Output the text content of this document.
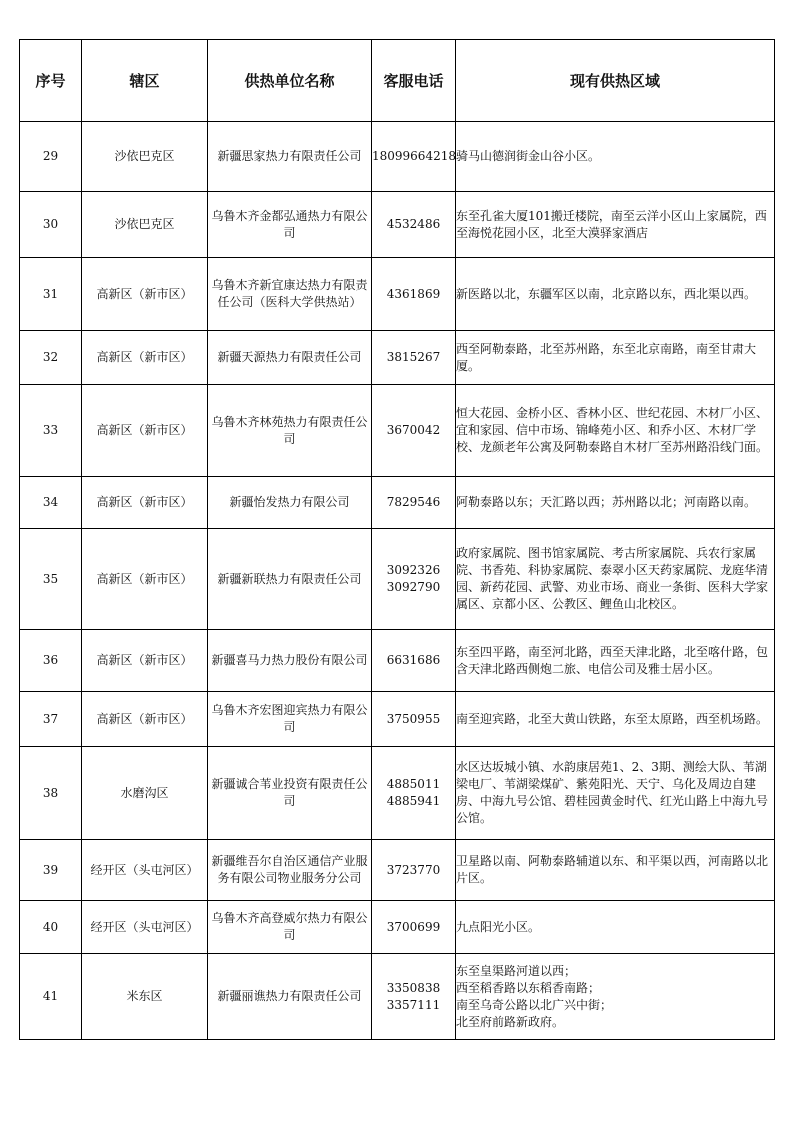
序号	辖区	供热单位名称	客服电话	现有供热区域
29	沙依巴克区	新疆思家热力有限责任公司	18099664218	骑马山德润街金山谷小区。

30	沙依巴克区	乌鲁木齐金都弘通热力有限公司	4532486	东至孔雀大厦101搬迁楼院，南至云洋小区山上家属院，西至海悦花园小区，北至大漠驿家酒店

31	高新区（新市区）	乌鲁木齐新宜康达热力有限责任公司（医科大学供热站）	4361869	新医路以北，东疆军区以南，北京路以东，西北渠以西。

32	高新区（新市区）	新疆天源热力有限责任公司	3815267	西至阿勒泰路，北至苏州路，东至北京南路，南至甘肃大厦。

33	高新区（新市区）	乌鲁木齐林苑热力有限责任公司	3670042	恒大花园、金桥小区、香林小区、世纪花园、木材厂小区、宜和家园、信中市场、锦峰苑小区、和乔小区、木材厂学校、龙颜老年公寓及阿勒泰路自木材厂至苏州路沿线门面。

34	高新区（新市区）	新疆怡发热力有限公司	7829546	阿勒泰路以东；天汇路以西；苏州路以北；河南路以南。

35	高新区（新市区）	新疆新联热力有限责任公司	3092326
3092790	政府家属院、图书馆家属院、考古所家属院、兵农行家属院、书香苑、科协家属院、泰翠小区天药家属院、龙庭华清园、新药花园、武警、劝业市场、商业一条街、医科大学家属区、京都小区、公教区、鲤鱼山北校区。

36	高新区（新市区）	新疆喜马力热力股份有限公司	6631686	东至四平路，南至河北路，西至天津北路，北至喀什路，包含天津北路西侧炮二旅、电信公司及雅士居小区。

37	高新区（新市区）	乌鲁木齐宏图迎宾热力有限公司	3750955	南至迎宾路，北至大黄山铁路，东至太原路，西至机场路。

38	水磨沟区	新疆诚合苇业投资有限责任公司	4885011
4885941	水区达坂城小镇、水韵康居苑1、2、3期、测绘大队、苇湖梁电厂、苇湖梁煤矿、紫苑阳光、天宁、乌化及周边自建房、中海九号公馆、碧桂园黄金时代、红光山路上中海九号公馆。

39	经开区（头屯河区）	新疆维吾尔自治区通信产业服务有限公司物业服务分公司	3723770	卫星路以南、阿勒泰路辅道以东、和平渠以西，河南路以北片区。

40	经开区（头屯河区）	乌鲁木齐高登威尔热力有限公司	3700699	九点阳光小区。

41	米东区	新疆丽谯热力有限责任公司	3350838
3357111	东至皇渠路河道以西；
西至稻香路以东稻香南路；
南至乌奇公路以北广兴中街；
北至府前路新政府。
